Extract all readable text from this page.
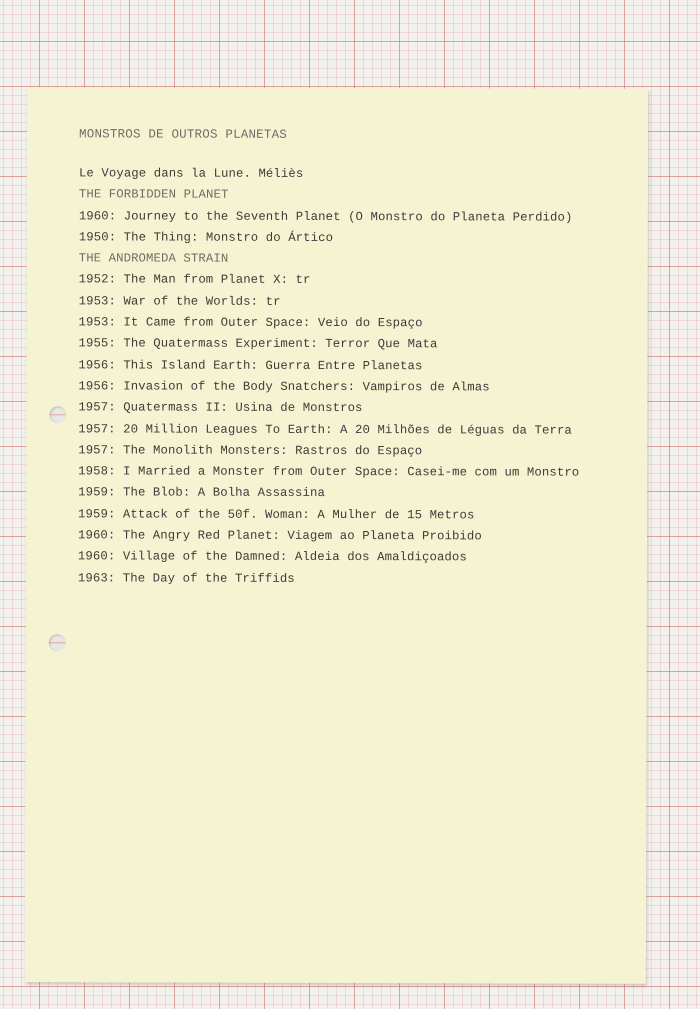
MONSTROS DE OUTROS PLANETAS
Le Voyage dans la Lune. Méliès
THE FORBIDDEN PLANET
1960: Journey to the Seventh Planet (O Monstro do Planeta Perdido)
1950: The Thing: Monstro do Ártico
THE ANDROMEDA STRAIN
1952: The Man from Planet X: tr
1953: War of the Worlds: tr
1953: It Came from Outer Space: Veio do Espaço
1955: The Quatermass Experiment: Terror Que Mata
1956: This Island Earth: Guerra Entre Planetas
1956: Invasion of the Body Snatchers: Vampiros de Almas
1957: Quatermass II: Usina de Monstros
1957: 20 Million Leagues To Earth: A 20 Milhões de Léguas da Terra
1957: The Monolith Monsters: Rastros do Espaço
1958: I Married a Monster from Outer Space: Casei-me com um Monstro
1959: The Blob: A Bolha Assassina
1959: Attack of the 50f. Woman: A Mulher de 15 Metros
1960: The Angry Red Planet: Viagem ao Planeta Proibido
1960: Village of the Damned: Aldeia dos Amaldiçoados
1963: The Day of the Triffids
